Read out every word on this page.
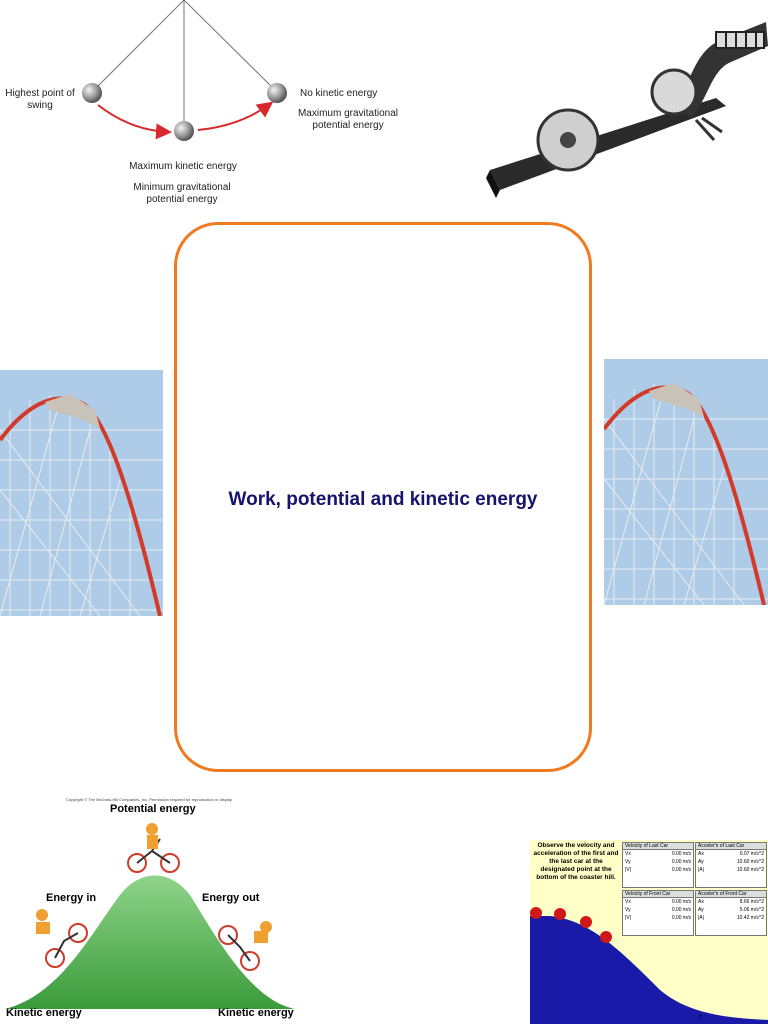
Highest point of swing
No kinetic energy
Maximum gravitational potential energy
Maximum kinetic energy
Minimum gravitational potential energy
Work, potential and kinetic energy
Copyright © The McGraw-Hill Companies, Inc. Permission required for reproduction or display
Potential energy
Energy in	Energy out
Kinetic energy	Kinetic energy	↑
Observe the velocity and acceleration of the first and the last car at the designated point at the bottom of the coaster hill.
Velocity of Last Car
Vx	0.00 m/s
Vy	0.00 m/s
|V|	0.00 m/s
Acceler'n of Last Car
Ax	0.07 m/s^2
Ay	10.60 m/s^2
|A|	10.60 m/s^2
Velocity of Front Car
Vx	0.00 m/s
Vy	0.00 m/s
|V|	0.00 m/s
Acceler'n of Front Car
Ax	8.66 m/s^2
Ay	5.06 m/s^2
|A|	10.42 m/s^2
